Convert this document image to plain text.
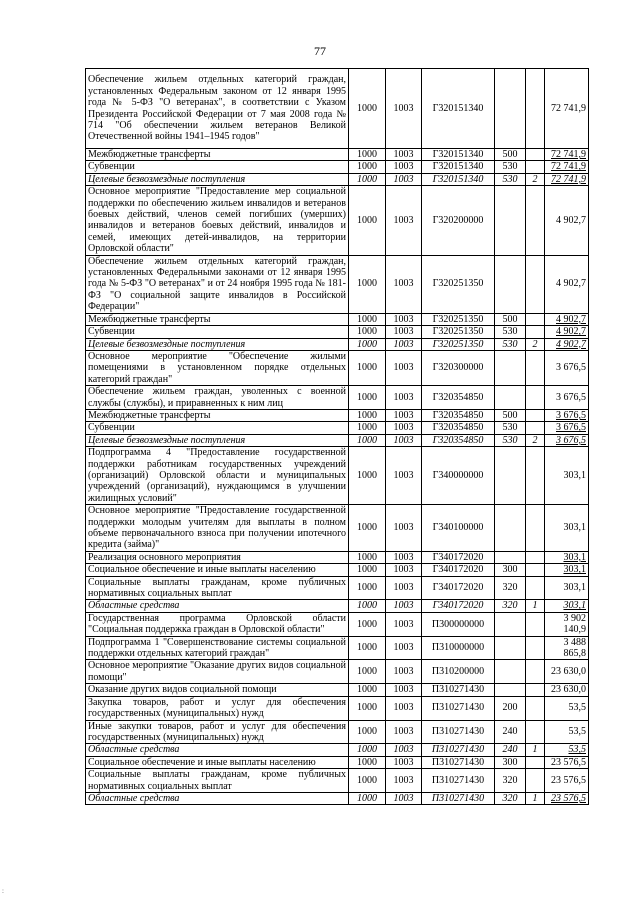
77
Обеспечение жильем отдельных категорий граждан, установленных Федеральным законом от 12 января 1995 года № 5-ФЗ "О ветеранах", в соответствии с Указом Президента Российской Федерации от 7 мая 2008 года № 714 "Об обеспечении жильем ветеранов Великой Отечественной войны 1941–1945 годов"	1000	1003	Г320151340			72 741,9
Межбюджетные трансферты	1000	1003	Г320151340	500		72 741,9
Субвенции	1000	1003	Г320151340	530		72 741,9
Целевые безвозмездные поступления	1000	1003	Г320151340	530	2	72 741,9
Основное мероприятие "Предоставление мер социальной поддержки по обеспечению жильем инвалидов и ветеранов боевых действий, членов семей погибших (умерших) инвалидов и ветеранов боевых действий, инвалидов и семей, имеющих детей-инвалидов, на территории Орловской области"	1000	1003	Г320200000			4 902,7
Обеспечение жильем отдельных категорий граждан, установленных Федеральными законами от 12 января 1995 года № 5-ФЗ "О ветеранах" и от 24 ноября 1995 года № 181-ФЗ "О социальной защите инвалидов в Российской Федерации"	1000	1003	Г320251350			4 902,7
Межбюджетные трансферты	1000	1003	Г320251350	500		4 902,7
Субвенции	1000	1003	Г320251350	530		4 902,7
Целевые безвозмездные поступления	1000	1003	Г320251350	530	2	4 902,7
Основное мероприятие "Обеспечение жилыми помещениями в установленном порядке отдельных категорий граждан"	1000	1003	Г320300000			3 676,5
Обеспечение жильем граждан, уволенных с военной службы (службы), и приравненных к ним лиц	1000	1003	Г320354850			3 676,5
Межбюджетные трансферты	1000	1003	Г320354850	500		3 676,5
Субвенции	1000	1003	Г320354850	530		3 676,5
Целевые безвозмездные поступления	1000	1003	Г320354850	530	2	3 676,5
Подпрограмма 4 "Предоставление государственной поддержки работникам государственных учреждений (организаций) Орловской области и муниципальных учреждений (организаций), нуждающимся в улучшении жилищных условий"	1000	1003	Г340000000			303,1
Основное мероприятие "Предоставление государственной поддержки молодым учителям для выплаты в полном объеме первоначального взноса при получении ипотечного кредита (займа)"	1000	1003	Г340100000			303,1
Реализация основного мероприятия	1000	1003	Г340172020			303,1
Социальное обеспечение и иные выплаты населению	1000	1003	Г340172020	300		303,1
Социальные выплаты гражданам, кроме публичных нормативных социальных выплат	1000	1003	Г340172020	320		303,1
Областные средства	1000	1003	Г340172020	320	1	303,1
Государственная программа Орловской области "Социальная поддержка граждан в Орловской области"	1000	1003	П300000000			3 902 140,9
Подпрограмма 1 "Совершенствование системы социальной поддержки отдельных категорий граждан"	1000	1003	П310000000			3 488 865,8
Основное мероприятие "Оказание других видов социальной помощи"	1000	1003	П310200000			23 630,0
Оказание других видов социальной помощи	1000	1003	П310271430			23 630,0
Закупка товаров, работ и услуг для обеспечения государственных (муниципальных) нужд	1000	1003	П310271430	200		53,5
Иные закупки товаров, работ и услуг для обеспечения государственных (муниципальных) нужд	1000	1003	П310271430	240		53,5
Областные средства	1000	1003	П310271430	240	1	53,5
Социальное обеспечение и иные выплаты населению	1000	1003	П310271430	300		23 576,5
Социальные выплаты гражданам, кроме публичных нормативных социальных выплат	1000	1003	П310271430	320		23 576,5
Областные средства	1000	1003	П310271430	320	1	23 576,5
:
